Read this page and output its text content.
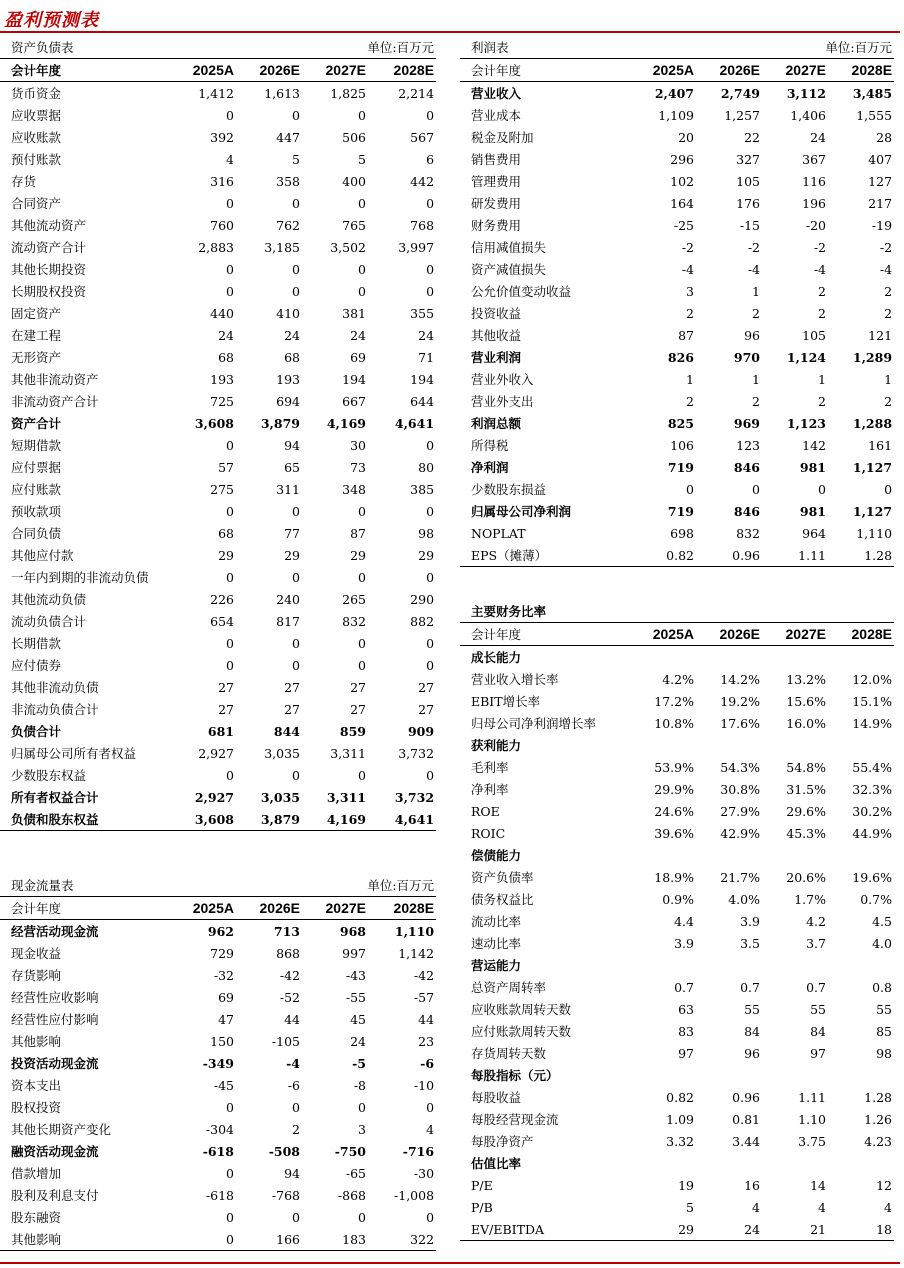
盈利预测表
资产负债表	单位:百万元			
会计年度	2025A	2026E	2027E	2028E
货币资金	1,412	1,613	1,825	2,214
应收票据	0	0	0	0
应收账款	392	447	506	567
预付账款	4	5	5	6
存货	316	358	400	442
合同资产	0	0	0	0
其他流动资产	760	762	765	768
流动资产合计	2,883	3,185	3,502	3,997
其他长期投资	0	0	0	0
长期股权投资	0	0	0	0
固定资产	440	410	381	355
在建工程	24	24	24	24
无形资产	68	68	69	71
其他非流动资产	193	193	194	194
非流动资产合计	725	694	667	644
资产合计	3,608	3,879	4,169	4,641
短期借款	0	94	30	0
应付票据	57	65	73	80
应付账款	275	311	348	385
预收款项	0	0	0	0
合同负债	68	77	87	98
其他应付款	29	29	29	29
一年内到期的非流动负债	0	0	0	0
其他流动负债	226	240	265	290
流动负债合计	654	817	832	882
长期借款	0	0	0	0
应付债券	0	0	0	0
其他非流动负债	27	27	27	27
非流动负债合计	27	27	27	27
负债合计	681	844	859	909
归属母公司所有者权益	2,927	3,035	3,311	3,732
少数股东权益	0	0	0	0
所有者权益合计	2,927	3,035	3,311	3,732
负债和股东权益	3,608	3,879	4,169	4,641
现金流量表	单位:百万元			
会计年度	2025A	2026E	2027E	2028E
经营活动现金流	962	713	968	1,110
现金收益	729	868	997	1,142
存货影响	-32	-42	-43	-42
经营性应收影响	69	-52	-55	-57
经营性应付影响	47	44	45	44
其他影响	150	-105	24	23
投资活动现金流	-349	-4	-5	-6
资本支出	-45	-6	-8	-10
股权投资	0	0	0	0
其他长期资产变化	-304	2	3	4
融资活动现金流	-618	-508	-750	-716
借款增加	0	94	-65	-30
股利及利息支付	-618	-768	-868	-1,008
股东融资	0	0	0	0
其他影响	0	166	183	322
利润表	单位:百万元			
会计年度	2025A	2026E	2027E	2028E
营业收入	2,407	2,749	3,112	3,485
营业成本	1,109	1,257	1,406	1,555
税金及附加	20	22	24	28
销售费用	296	327	367	407
管理费用	102	105	116	127
研发费用	164	176	196	217
财务费用	-25	-15	-20	-19
信用减值损失	-2	-2	-2	-2
资产减值损失	-4	-4	-4	-4
公允价值变动收益	3	1	2	2
投资收益	2	2	2	2
其他收益	87	96	105	121
营业利润	826	970	1,124	1,289
营业外收入	1	1	1	1
营业外支出	2	2	2	2
利润总额	825	969	1,123	1,288
所得税	106	123	142	161
净利润	719	846	981	1,127
少数股东损益	0	0	0	0
归属母公司净利润	719	846	981	1,127
NOPLAT	698	832	964	1,110
EPS（摊薄）	0.82	0.96	1.11	1.28
主要财务比率				
会计年度	2025A	2026E	2027E	2028E
成长能力				
营业收入增长率	4.2%	14.2%	13.2%	12.0%
EBIT增长率	17.2%	19.2%	15.6%	15.1%
归母公司净利润增长率	10.8%	17.6%	16.0%	14.9%
获利能力				
毛利率	53.9%	54.3%	54.8%	55.4%
净利率	29.9%	30.8%	31.5%	32.3%
ROE	24.6%	27.9%	29.6%	30.2%
ROIC	39.6%	42.9%	45.3%	44.9%
偿债能力				
资产负债率	18.9%	21.7%	20.6%	19.6%
债务权益比	0.9%	4.0%	1.7%	0.7%
流动比率	4.4	3.9	4.2	4.5
速动比率	3.9	3.5	3.7	4.0
营运能力				
总资产周转率	0.7	0.7	0.7	0.8
应收账款周转天数	63	55	55	55
应付账款周转天数	83	84	84	85
存货周转天数	97	96	97	98
每股指标（元）				
每股收益	0.82	0.96	1.11	1.28
每股经营现金流	1.09	0.81	1.10	1.26
每股净资产	3.32	3.44	3.75	4.23
估值比率				
P/E	19	16	14	12
P/B	5	4	4	4
EV/EBITDA	29	24	21	18
